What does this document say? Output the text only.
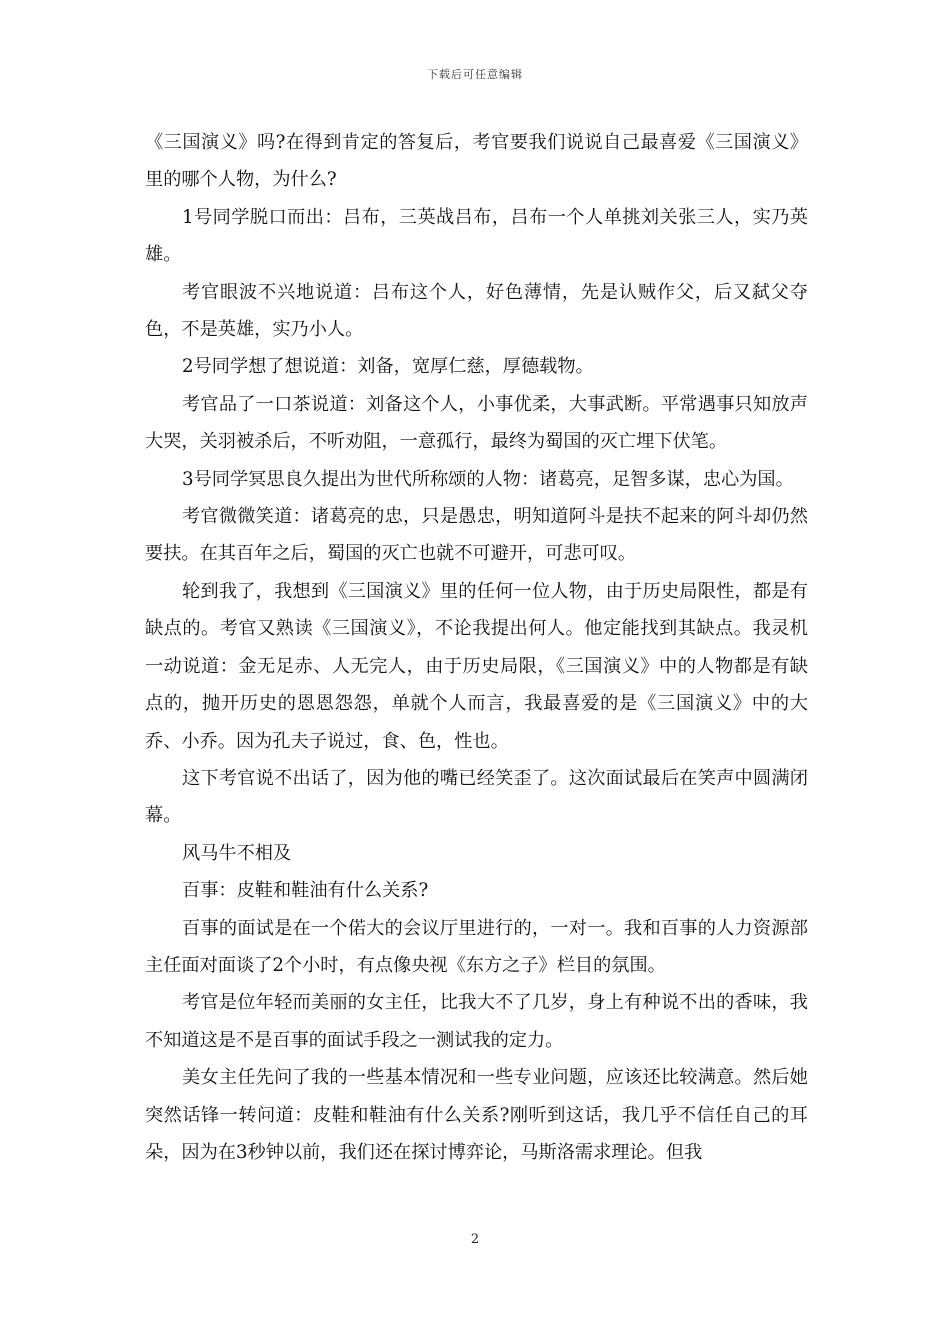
下载后可任意编辑

《三国演义》吗?在得到肯定的答复后，考官要我们说说自己最喜爱《三国演义》里的哪个人物，为什么?

1号同学脱口而出：吕布，三英战吕布，吕布一个人单挑刘关张三人，实乃英雄。

考官眼波不兴地说道：吕布这个人，好色薄情，先是认贼作父，后又弑父夺色，不是英雄，实乃小人。

2号同学想了想说道：刘备，宽厚仁慈，厚德载物。

考官品了一口茶说道：刘备这个人，小事优柔，大事武断。平常遇事只知放声大哭，关羽被杀后，不听劝阻，一意孤行，最终为蜀国的灭亡埋下伏笔。

3号同学冥思良久提出为世代所称颂的人物：诸葛亮，足智多谋，忠心为国。

考官微微笑道：诸葛亮的忠，只是愚忠，明知道阿斗是扶不起来的阿斗却仍然要扶。在其百年之后，蜀国的灭亡也就不可避开，可悲可叹。

轮到我了，我想到《三国演义》里的任何一位人物，由于历史局限性，都是有缺点的。考官又熟读《三国演义》，不论我提出何人。他定能找到其缺点。我灵机一动说道：金无足赤、人无完人，由于历史局限，《三国演义》中的人物都是有缺点的，抛开历史的恩恩怨怨，单就个人而言，我最喜爱的是《三国演义》中的大乔、小乔。因为孔夫子说过，食、色，性也。

这下考官说不出话了，因为他的嘴已经笑歪了。这次面试最后在笑声中圆满闭幕。

风马牛不相及

百事：皮鞋和鞋油有什么关系?

百事的面试是在一个偌大的会议厅里进行的，一对一。我和百事的人力资源部主任面对面谈了2个小时，有点像央视《东方之子》栏目的氛围。

考官是位年轻而美丽的女主任，比我大不了几岁，身上有种说不出的香味，我不知道这是不是百事的面试手段之一测试我的定力。

美女主任先问了我的一些基本情况和一些专业问题，应该还比较满意。然后她突然话锋一转问道：皮鞋和鞋油有什么关系?刚听到这话，我几乎不信任自己的耳朵，因为在3秒钟以前，我们还在探讨博弈论，马斯洛需求理论。但我

2
